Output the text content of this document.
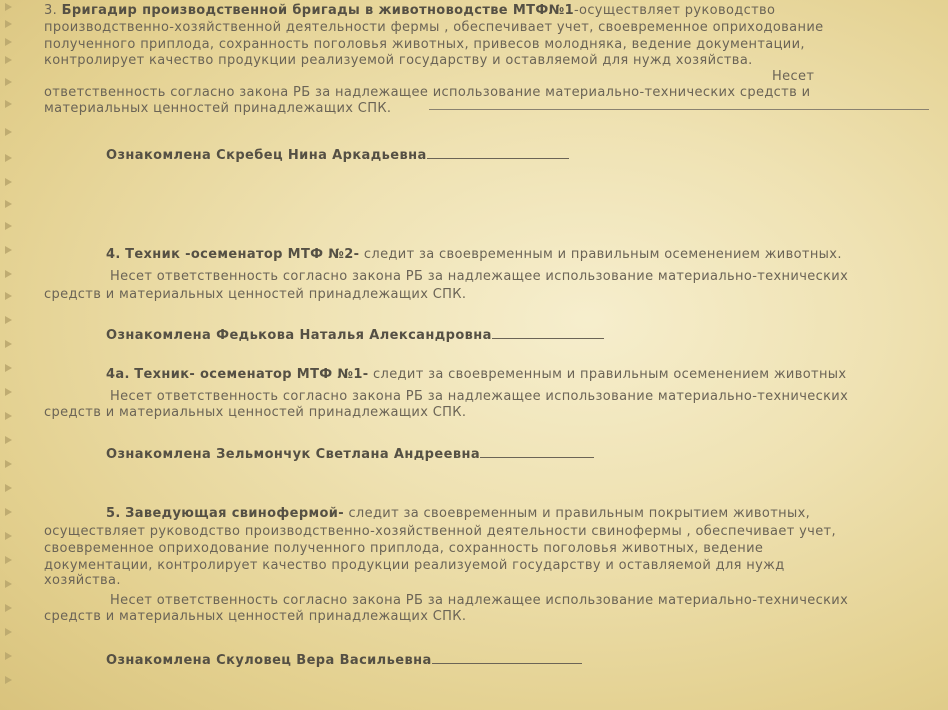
3. Бригадир производственной бригады в животноводстве МТФ№1-осуществляет руководство
производственно-хозяйственной деятельности фермы , обеспечивает учет, своевременное оприходование
полученного приплода, сохранность поголовья животных, привесов молодняка, ведение документации,
контролирует качество продукции реализуемой государству и оставляемой для нужд хозяйства.
Несет
ответственность согласно закона РБ за надлежащее использование материально-технических средств и
материальных ценностей принадлежащих СПК.
Ознакомлена Скребец Нина Аркадьевна
4. Техник -осеменатор МТФ №2- следит за своевременным и правильным осеменением животных.
Несет ответственность согласно закона РБ за надлежащее использование материально-технических
средств и материальных ценностей принадлежащих СПК.
Ознакомлена Федькова Наталья Александровна
4а. Техник- осеменатор МТФ №1- следит за своевременным и правильным осеменением животных
Несет ответственность согласно закона РБ за надлежащее использование материально-технических
средств и материальных ценностей принадлежащих СПК.
Ознакомлена Зельмончук Светлана Андреевна
5. Заведующая свинофермой- следит за своевременным и правильным покрытием животных,
осуществляет руководство производственно-хозяйственной деятельности свинофермы , обеспечивает учет,
своевременное оприходование полученного приплода, сохранность поголовья животных, ведение
документации, контролирует качество продукции реализуемой государству и оставляемой для нужд
хозяйства.
Несет ответственность согласно закона РБ за надлежащее использование материально-технических
средств и материальных ценностей принадлежащих СПК.
Ознакомлена Скуловец Вера Васильевна
